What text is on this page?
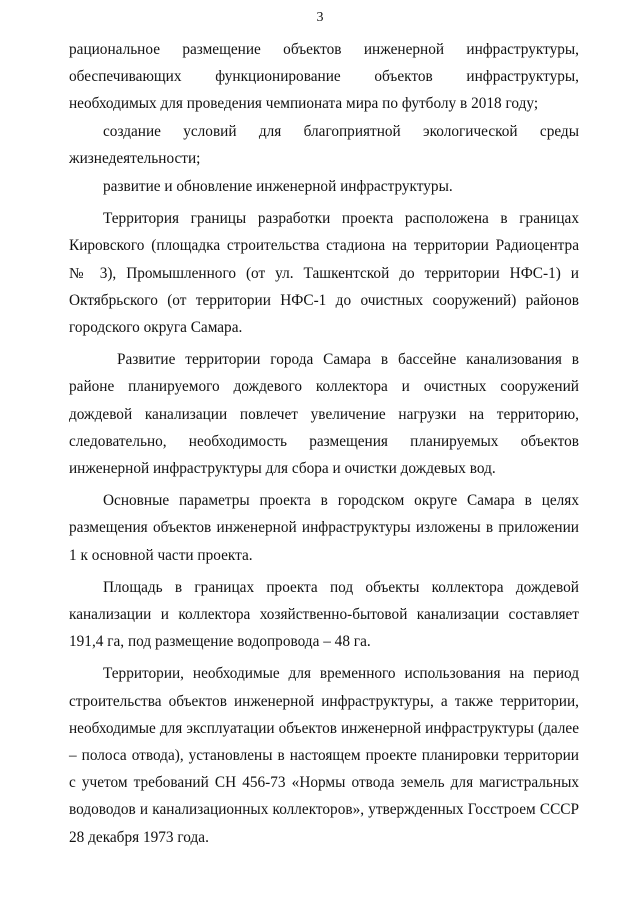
3

рациональное размещение объектов инженерной инфраструктуры, обеспечивающих функционирование объектов инфраструктуры, необходимых для проведения чемпионата мира по футболу в 2018 году;

создание условий для благоприятной экологической среды жизнедеятельности;

развитие и обновление инженерной инфраструктуры.

Территория границы разработки проекта расположена в границах Кировского (площадка строительства стадиона на территории Радиоцентра № 3), Промышленного (от ул. Ташкентской до территории НФС-1) и Октябрьского (от территории НФС-1 до очистных сооружений) районов городского округа Самара.

Развитие территории города Самара в бассейне канализования в районе планируемого дождевого коллектора и очистных сооружений дождевой канализации повлечет увеличение нагрузки на территорию, следовательно, необходимость размещения планируемых объектов инженерной инфраструктуры для сбора и очистки дождевых вод.

Основные параметры проекта в городском округе Самара в целях размещения объектов инженерной инфраструктуры изложены в приложении 1 к основной части проекта.

Площадь в границах проекта под объекты коллектора дождевой канализации и коллектора хозяйственно-бытовой канализации составляет 191,4 га, под размещение водопровода – 48 га.

Территории, необходимые для временного использования на период строительства объектов инженерной инфраструктуры, а также территории, необходимые для эксплуатации объектов инженерной инфраструктуры (далее – полоса отвода), установлены в настоящем проекте планировки территории с учетом требований СН 456-73 «Нормы отвода земель для магистральных водоводов и канализационных коллекторов», утвержденных Госстроем СССР 28 декабря 1973 года.
